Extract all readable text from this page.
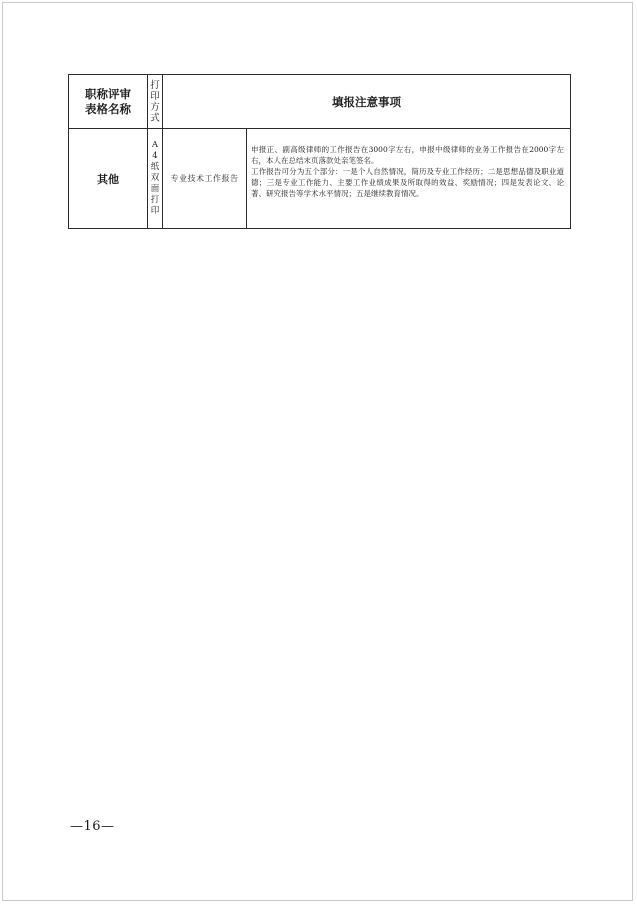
职称评审表格名称	打印方式	填报注意事项	
其他	A4纸双面打印	专业技术工作报告	申报正、副高级律师的工作报告在3000字左右，申报中级律师的业务工作报告在2000字左右，本人在总结末页落款处亲笔签名。
工作报告可分为五个部分：一是个人自然情况，简历及专业工作经历；二是思想品德及职业道德；三是专业工作能力、主要工作业绩成果及所取得的效益、奖励情况；四是发表论文、论著、研究报告等学术水平情况；五是继续教育情况。
—16—
